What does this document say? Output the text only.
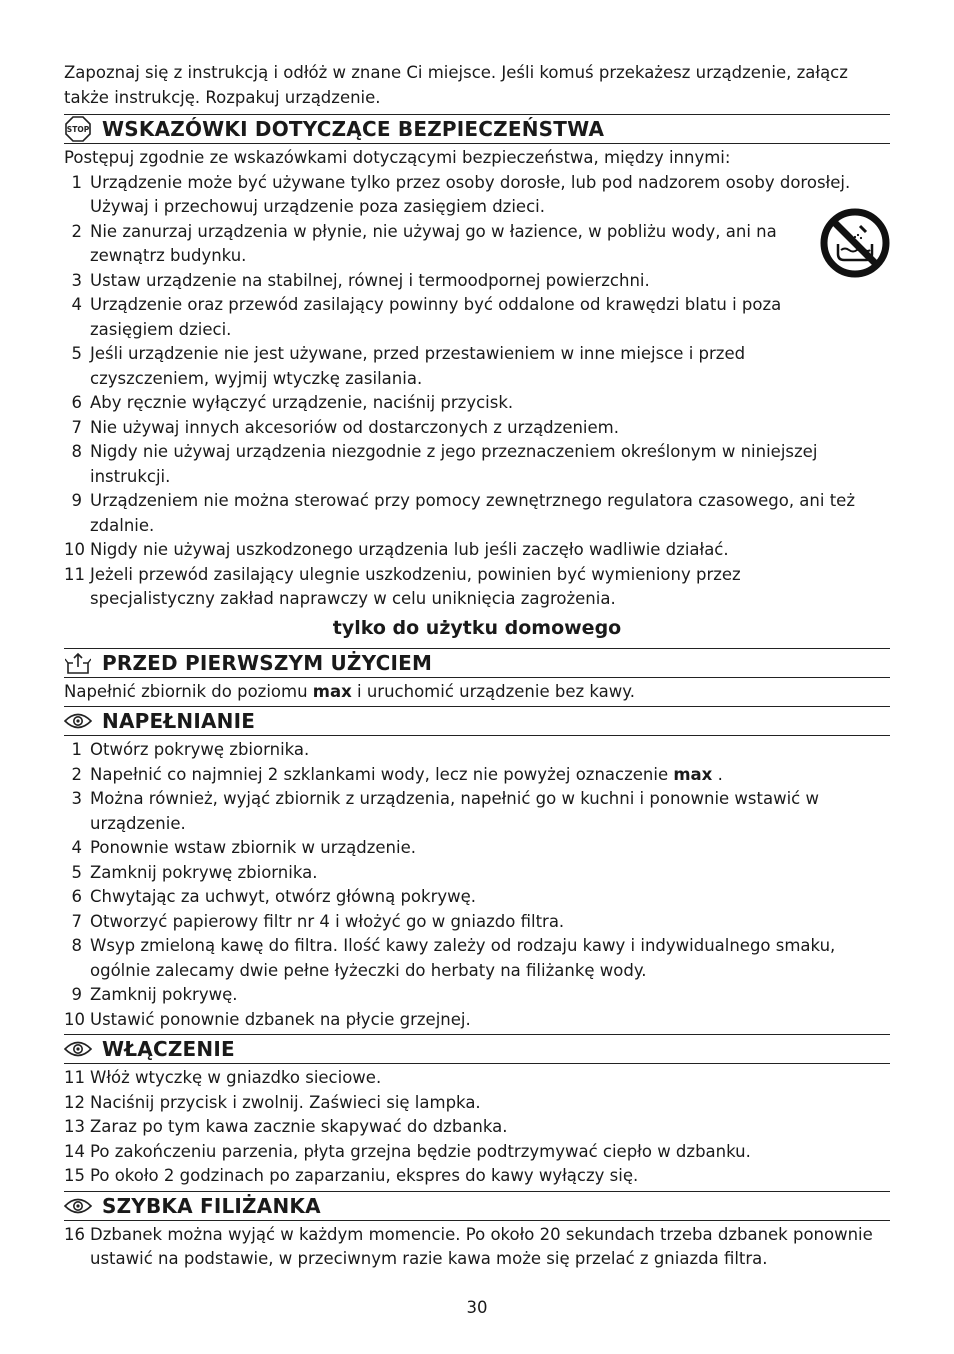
Zapoznaj się z instrukcją i odłóż w znane Ci miejsce. Jeśli komuś przekażesz urządzenie, załącz także instrukcję. Rozpakuj urządzenie.

STOP WSKAZÓWKI DOTYCZĄCE BEZPIECZEŃSTWA

Postępuj zgodnie ze wskazówkami dotyczącymi bezpieczeństwa, między innymi:

1 Urządzenie może być używane tylko przez osoby dorosłe, lub pod nadzorem osoby dorosłej. Używaj i przechowuj urządzenie poza zasięgiem dzieci.
2 Nie zanurzaj urządzenia w płynie, nie używaj go w łazience, w pobliżu wody, ani na zewnątrz budynku.
3 Ustaw urządzenie na stabilnej, równej i termoodpornej powierzchni.
4 Urządzenie oraz przewód zasilający powinny być oddalone od krawędzi blatu i poza zasięgiem dzieci.
5 Jeśli urządzenie nie jest używane, przed przestawieniem w inne miejsce i przed czyszczeniem, wyjmij wtyczkę zasilania.
6 Aby ręcznie wyłączyć urządzenie, naciśnij przycisk.
7 Nie używaj innych akcesoriów od dostarczonych z urządzeniem.
8 Nigdy nie używaj urządzenia niezgodnie z jego przeznaczeniem określonym w niniejszej instrukcji.
9 Urządzeniem nie można sterować przy pomocy zewnętrznego regulatora czasowego, ani też zdalnie.
10 Nigdy nie używaj uszkodzonego urządzenia lub jeśli zaczęło wadliwie działać.
11 Jeżeli przewód zasilający ulegnie uszkodzeniu, powinien być wymieniony przez specjalistyczny zakład naprawczy w celu uniknięcia zagrożenia.
tylko do użytku domowego
PRZED PIERWSZYM UŻYCIEM

Napełnić zbiornik do poziomu max i uruchomić urządzenie bez kawy.

NAPEŁNIANIE
1 Otwórz pokrywę zbiornika.
2 Napełnić co najmniej 2 szklankami wody, lecz nie powyżej oznaczenie max .
3 Można również, wyjąć zbiornik z urządzenia, napełnić go w kuchni i ponownie wstawić w urządzenie.
4 Ponownie wstaw zbiornik w urządzenie.
5 Zamknij pokrywę zbiornika.
6 Chwytając za uchwyt, otwórz główną pokrywę.
7 Otworzyć papierowy filtr nr 4 i włożyć go w gniazdo filtra.
8 Wsyp zmieloną kawę do filtra. Ilość kawy zależy od rodzaju kawy i indywidualnego smaku, ogólnie zalecamy dwie pełne łyżeczki do herbaty na filiżankę wody.
9 Zamknij pokrywę.
10 Ustawić ponownie dzbanek na płycie grzejnej.
WŁĄCZENIE
11 Włóż wtyczkę w gniazdko sieciowe.
12 Naciśnij przycisk i zwolnij. Zaświeci się lampka.
13 Zaraz po tym kawa zacznie skapywać do dzbanka.
14 Po zakończeniu parzenia, płyta grzejna będzie podtrzymywać ciepło w dzbanku.
15 Po około 2 godzinach po zaparzaniu, ekspres do kawy wyłączy się.
SZYBKA FILIŻANKA
16 Dzbanek można wyjąć w każdym momencie. Po około 20 sekundach trzeba dzbanek ponownie ustawić na podstawie, w przeciwnym razie kawa może się przelać z gniazda filtra.
30
